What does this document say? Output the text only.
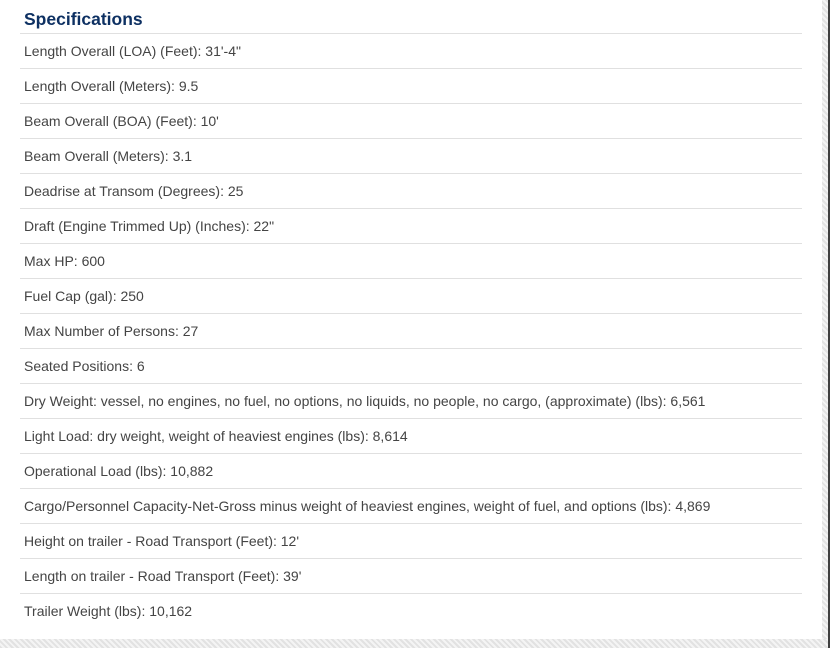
Specifications
Length Overall (LOA) (Feet): 31'-4"
Length Overall (Meters): 9.5
Beam Overall (BOA) (Feet): 10'
Beam Overall (Meters): 3.1
Deadrise at Transom (Degrees): 25
Draft (Engine Trimmed Up) (Inches): 22"
Max HP: 600
Fuel Cap (gal): 250
Max Number of Persons: 27
Seated Positions: 6
Dry Weight: vessel, no engines, no fuel, no options, no liquids, no people, no cargo, (approximate) (lbs): 6,561
Light Load: dry weight, weight of heaviest engines (lbs): 8,614
Operational Load (lbs): 10,882
Cargo/Personnel Capacity-Net-Gross minus weight of heaviest engines, weight of fuel, and options (lbs): 4,869
Height on trailer - Road Transport (Feet): 12'
Length on trailer - Road Transport (Feet): 39'
Trailer Weight (lbs): 10,162
